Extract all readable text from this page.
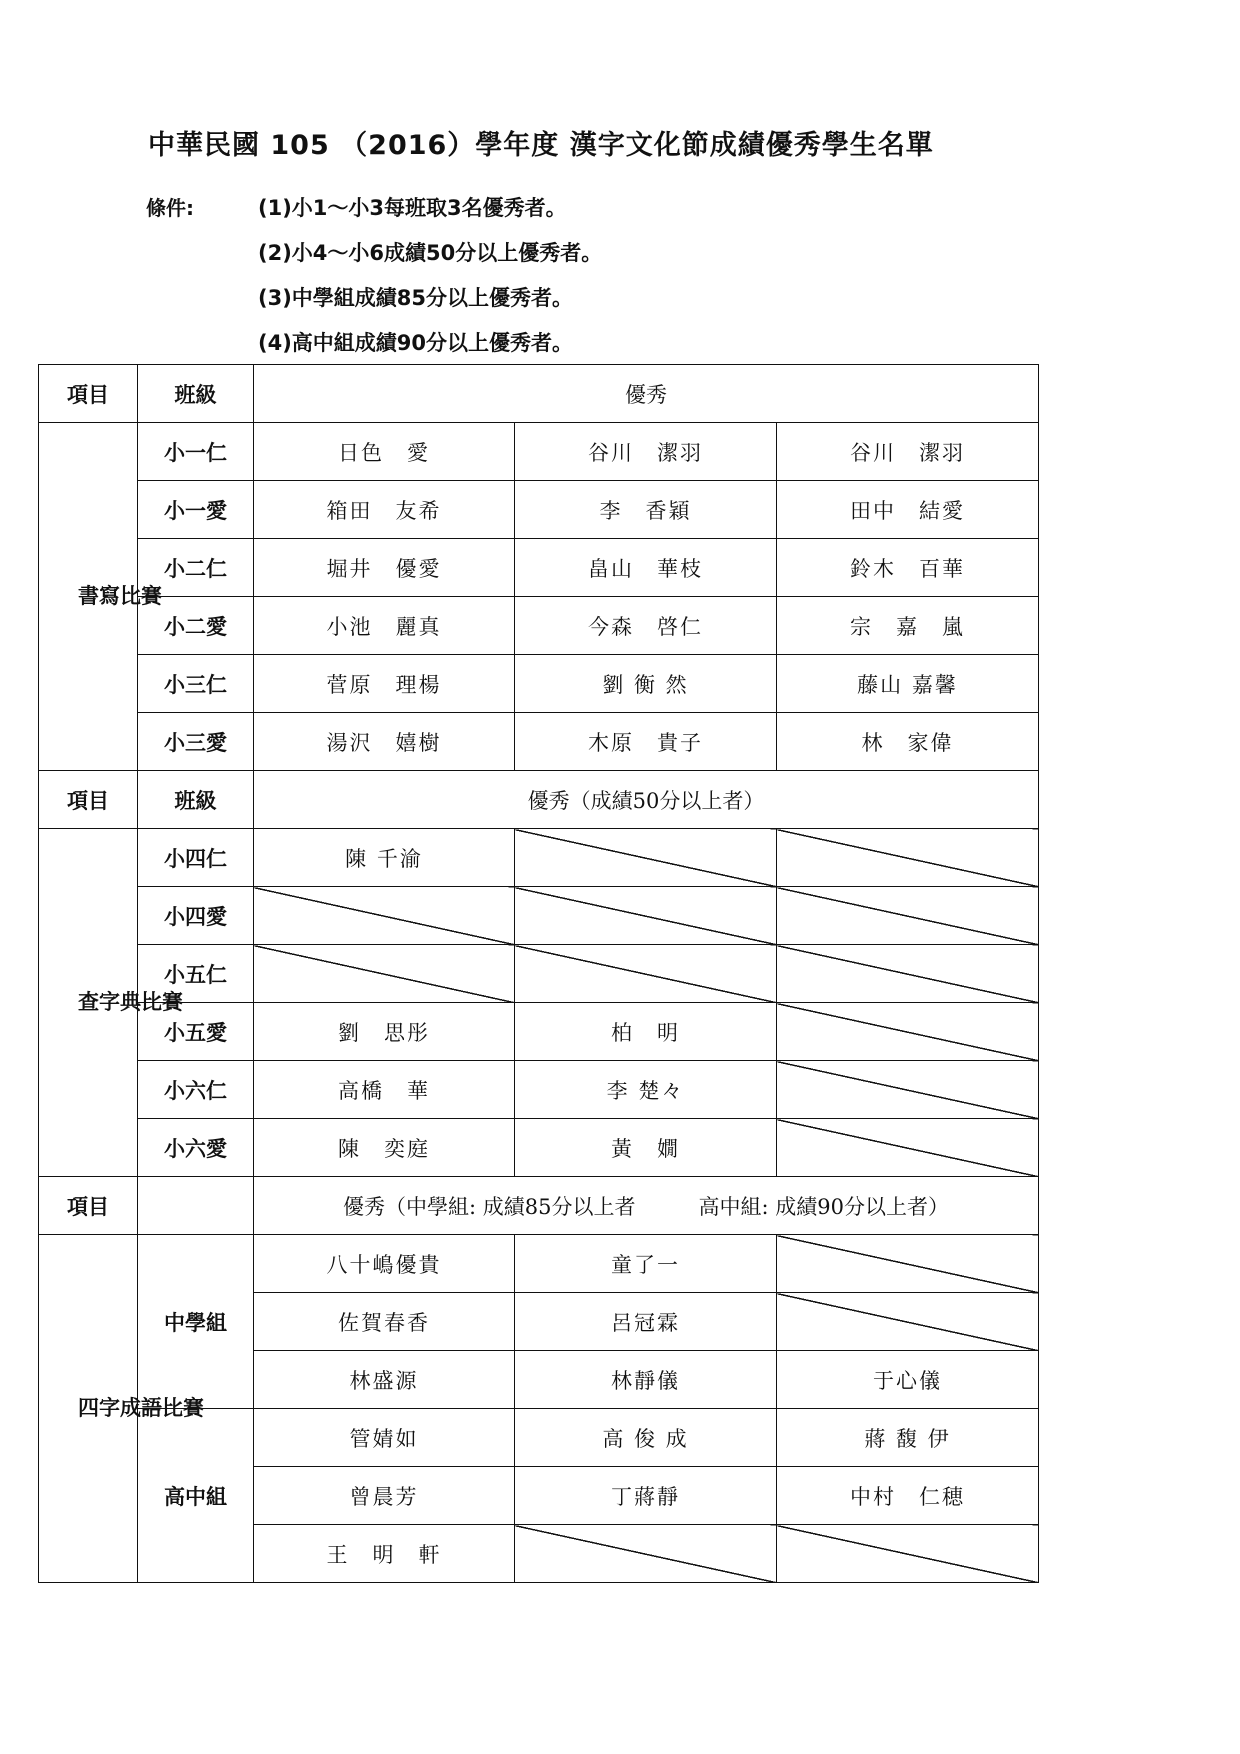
中華民國 105 （2016）學年度 漢字文化節成績優秀學生名單
條件:	(1)小1～小3每班取3名優秀者。
(2)小4～小6成績50分以上優秀者。
(3)中學組成績85分以上優秀者。
(4)高中組成績90分以上優秀者。
項目	班級	優秀		
書寫比賽	小一仁	日色　愛	谷川　潔羽	谷川　潔羽
	小一愛	箱田　友希	李　香穎	田中　結愛
	小二仁	堀井　優愛	畠山　華枝	鈴木　百華
	小二愛	小池　麗真	今森　啓仁	宗　嘉　嵐
	小三仁	菅原　理楊	劉 衡 然	藤山 嘉馨
	小三愛	湯沢　嬉樹	木原　貴子	林　家偉
項目	班級	優秀（成績50分以上者）		
查字典比賽	小四仁	陳 千渝		
	小四愛			
	小五仁			
	小五愛	劉　思彤	柏　明	
	小六仁	高橋　華	李 楚々	
	小六愛	陳　奕庭	黃　嫺	
項目		優秀（中學組: 成績85分以上者　　　高中組: 成績90分以上者）		
四字成語比賽	中學組	八十嶋優貴	童了一	
		佐賀春香	呂冠霖	
		林盛源	林靜儀	于心儀
	高中組	管婧如	高 俊 成	蔣 馥 伊
		曾晨芳	丁蔣靜	中村　仁穂
		王　明　軒		
